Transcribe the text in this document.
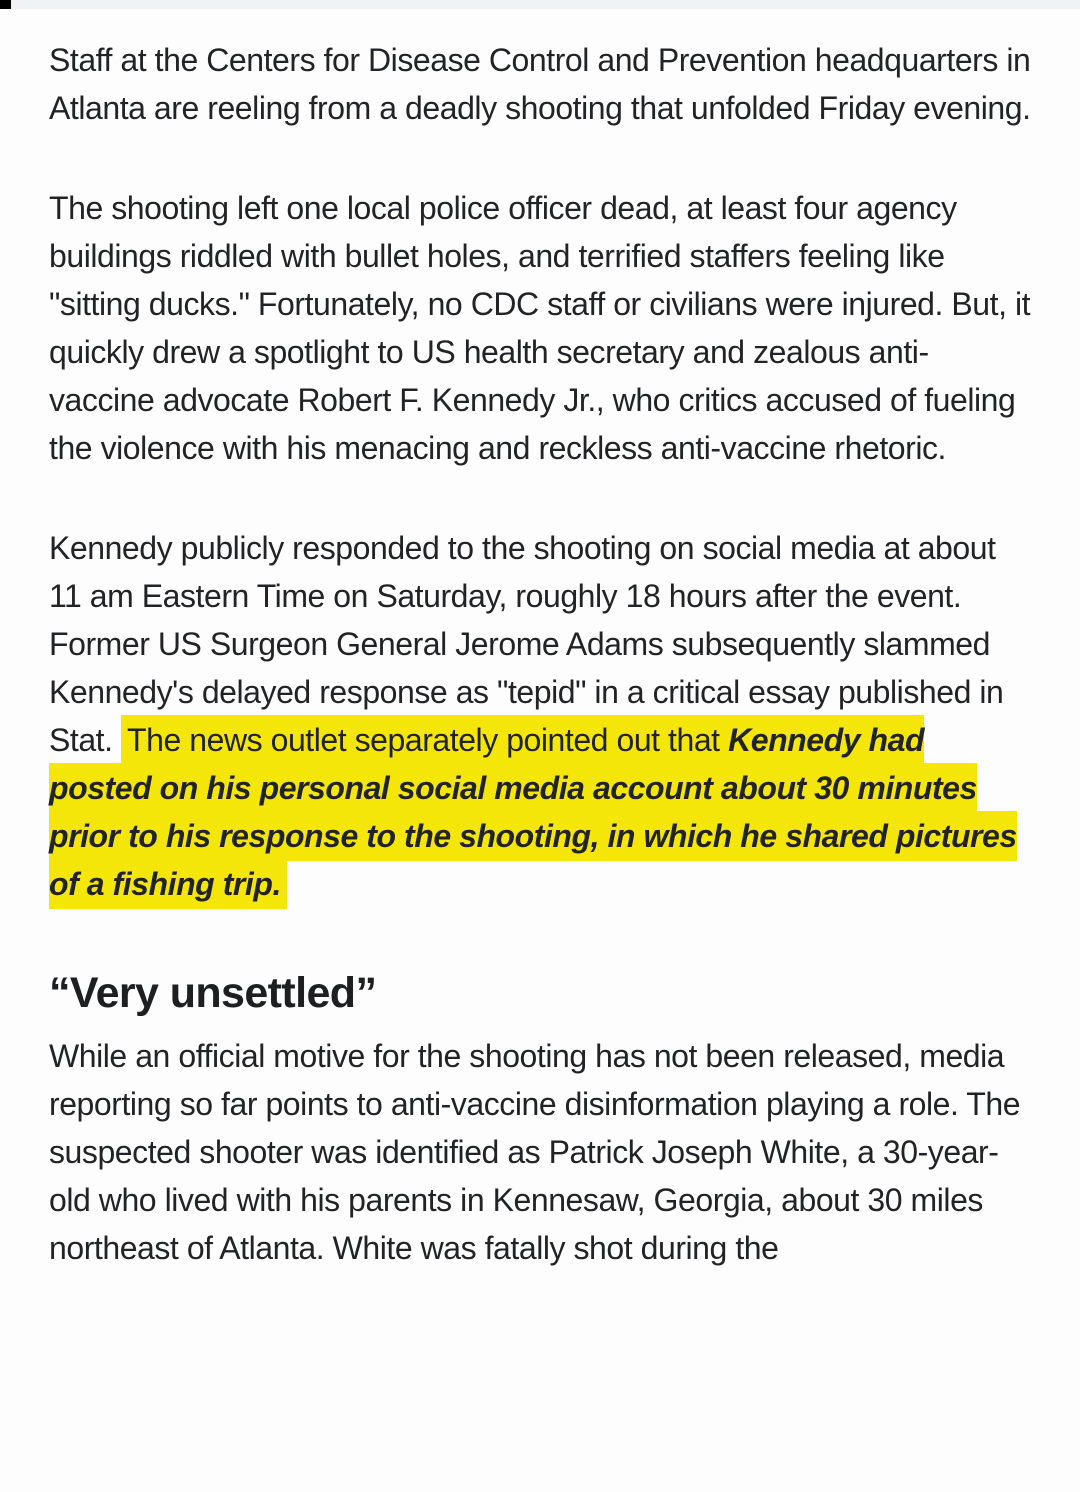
Staff at the Centers for Disease Control and Prevention headquarters in Atlanta are reeling from a deadly shooting that unfolded Friday evening.

The shooting left one local police officer dead, at least four agency buildings riddled with bullet holes, and terrified staffers feeling like "sitting ducks." Fortunately, no CDC staff or civilians were injured. But, it quickly drew a spotlight to US health secretary and zealous anti-vaccine advocate Robert F. Kennedy Jr., who critics accused of fueling the violence with his menacing and reckless anti-vaccine rhetoric.

Kennedy publicly responded to the shooting on social media at about 11 am Eastern Time on Saturday, roughly 18 hours after the event. Former US Surgeon General Jerome Adams subsequently slammed Kennedy's delayed response as "tepid" in a critical essay published in Stat. The news outlet separately pointed out that Kennedy had posted on his personal social media account about 30 minutes prior to his response to the shooting, in which he shared pictures of a fishing trip.

“Very unsettled”

While an official motive for the shooting has not been released, media reporting so far points to anti-vaccine disinformation playing a role. The suspected shooter was identified as Patrick Joseph White, a 30-year-old who lived with his parents in Kennesaw, Georgia, about 30 miles northeast of Atlanta. White was fatally shot during the
